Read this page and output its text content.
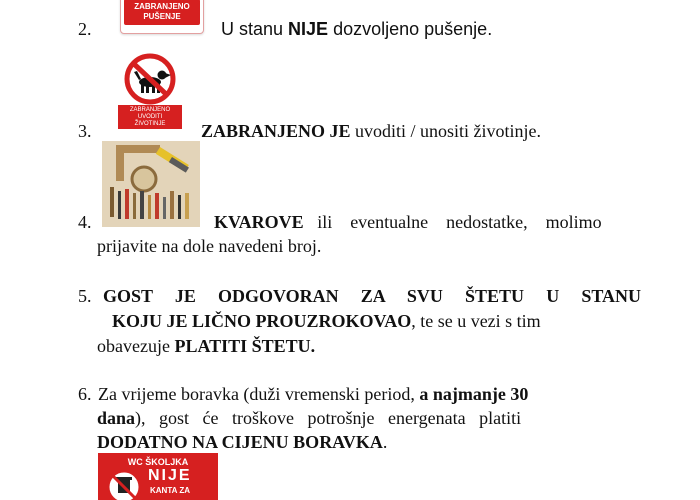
ZABRANJENO
PUŠENJE
2.	U stanu NIJE dozvoljeno pušenje.
ZABRANJENO
UVODITI
ŽIVOTINJE
3.	ZABRANJENO JE uvoditi / unositi životinje.
4.	KVAROVE ili    eventualne    nedostatke,    molimo
prijavite na dole navedeni broj.
5. GOST JE ODGOVORAN ZA SVU ŠTETU U STANU
KOJU JE LIČNO PROUZROKOVAO, te se u vezi s tim
obavezuje PLATITI ŠTETU.
6. Za vrijeme boravka (duži vremenski period, a najmanje 30
dana),   gost   će   troškove   potrošnje   energenata   platiti
DODATNO NA CIJENU BORAVKA.
WC ŠKOLJKA
NIJE
KANTA ZA
